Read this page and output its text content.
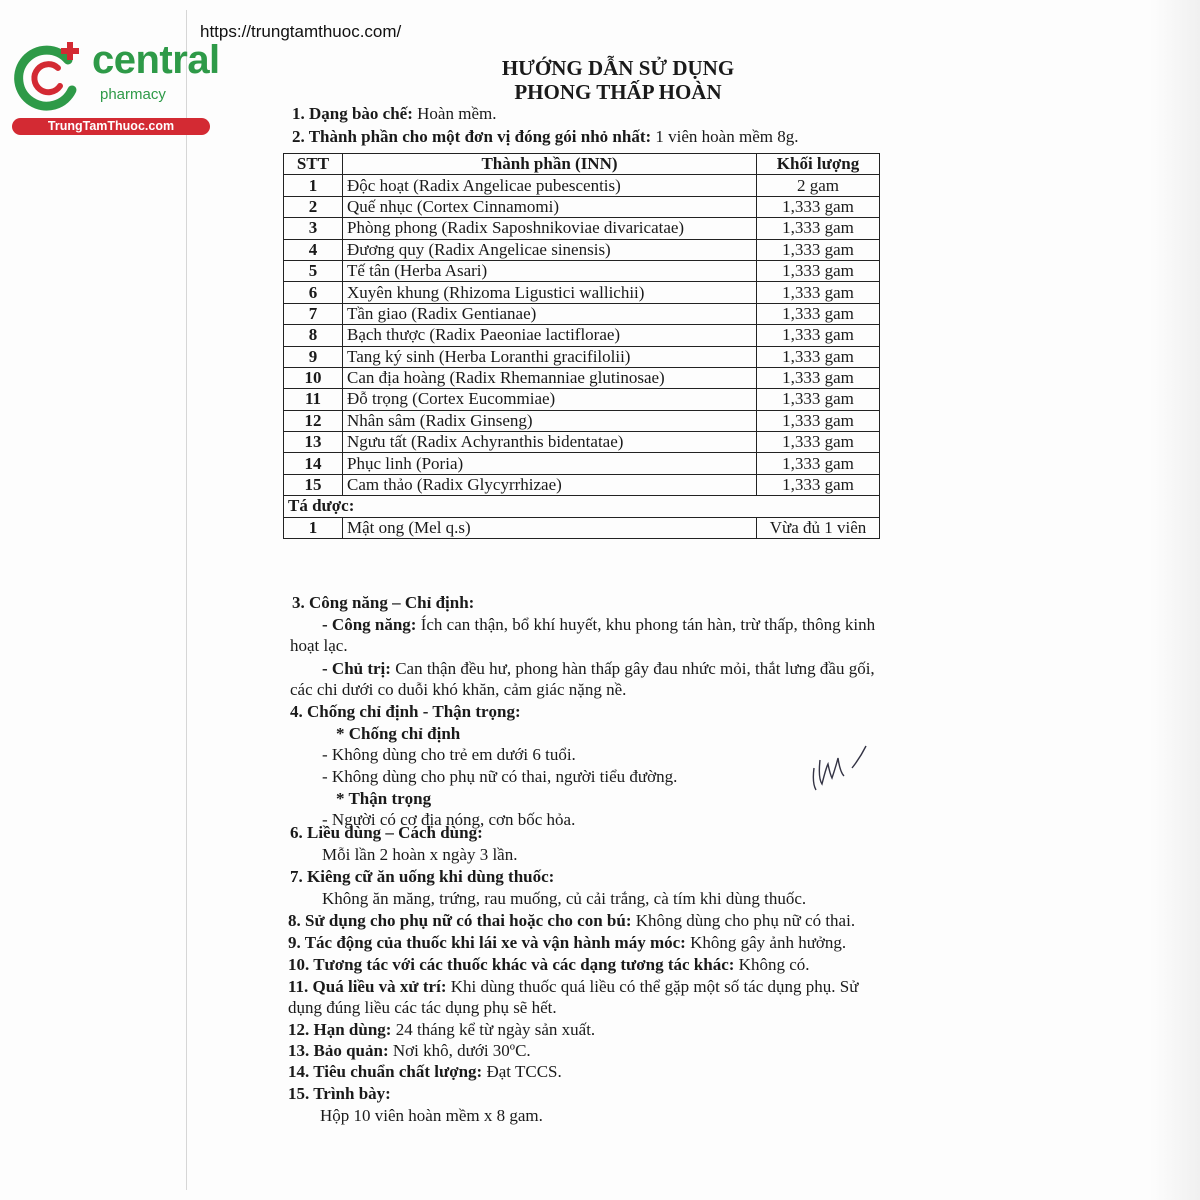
https://trungtamthuoc.com/
central
pharmacy
TrungTamThuoc.com
HƯỚNG DẪN SỬ DỤNG
PHONG THẤP HOÀN
1. Dạng bào chế: Hoàn mềm.
2. Thành phần cho một đơn vị đóng gói nhỏ nhất: 1 viên hoàn mềm 8g.
STT	Thành phần (INN)	Khối lượng
1	Độc hoạt (Radix Angelicae pubescentis)	2 gam
2	Quế nhục (Cortex Cinnamomi)	1,333 gam
3	Phòng phong (Radix Saposhnikoviae divaricatae)	1,333 gam
4	Đương quy (Radix Angelicae sinensis)	1,333 gam
5	Tế tân (Herba Asari)	1,333 gam
6	Xuyên khung (Rhizoma Ligustici wallichii)	1,333 gam
7	Tần giao (Radix Gentianae)	1,333 gam
8	Bạch thược (Radix Paeoniae lactiflorae)	1,333 gam
9	Tang ký sinh (Herba Loranthi gracifilolii)	1,333 gam
10	Can địa hoàng (Radix Rhemanniae glutinosae)	1,333 gam
11	Đỗ trọng (Cortex Eucommiae)	1,333 gam
12	Nhân sâm (Radix Ginseng)	1,333 gam
13	Ngưu tất (Radix Achyranthis bidentatae)	1,333 gam
14	Phục linh (Poria)	1,333 gam
15	Cam thảo (Radix Glycyrrhizae)	1,333 gam
Tá dược:		
1	Mật ong (Mel q.s)	Vừa đủ 1 viên
3. Công năng – Chỉ định:
- Công năng: Ích can thận, bổ khí huyết, khu phong tán hàn, trừ thấp, thông kinh
hoạt lạc.
- Chủ trị: Can thận đều hư, phong hàn thấp gây đau nhức mỏi, thắt lưng đầu gối,
các chi dưới co duỗi khó khăn, cảm giác nặng nề.
4. Chống chỉ định - Thận trọng:
* Chống chỉ định
- Không dùng cho trẻ em dưới 6 tuổi.
- Không dùng cho phụ nữ có thai, người tiểu đường.
* Thận trọng
- Người có cơ địa nóng, cơn bốc hỏa.
6. Liều dùng – Cách dùng:
Mỗi lần 2 hoàn x ngày 3 lần.
7. Kiêng cữ ăn uống khi dùng thuốc:
Không ăn măng, trứng, rau muống, củ cải trắng, cà tím khi dùng thuốc.
8. Sử dụng cho phụ nữ có thai hoặc cho con bú: Không dùng cho phụ nữ có thai.
9. Tác động của thuốc khi lái xe và vận hành máy móc: Không gây ảnh hưởng.
10. Tương tác với các thuốc khác và các dạng tương tác khác: Không có.
11. Quá liều và xử trí: Khi dùng thuốc quá liều có thể gặp một số tác dụng phụ. Sử
dụng đúng liều các tác dụng phụ sẽ hết.
12. Hạn dùng: 24 tháng kể từ ngày sản xuất.
13. Bảo quản: Nơi khô, dưới 30ºC.
14. Tiêu chuẩn chất lượng: Đạt TCCS.
15. Trình bày:
Hộp 10 viên hoàn mềm x 8 gam.
